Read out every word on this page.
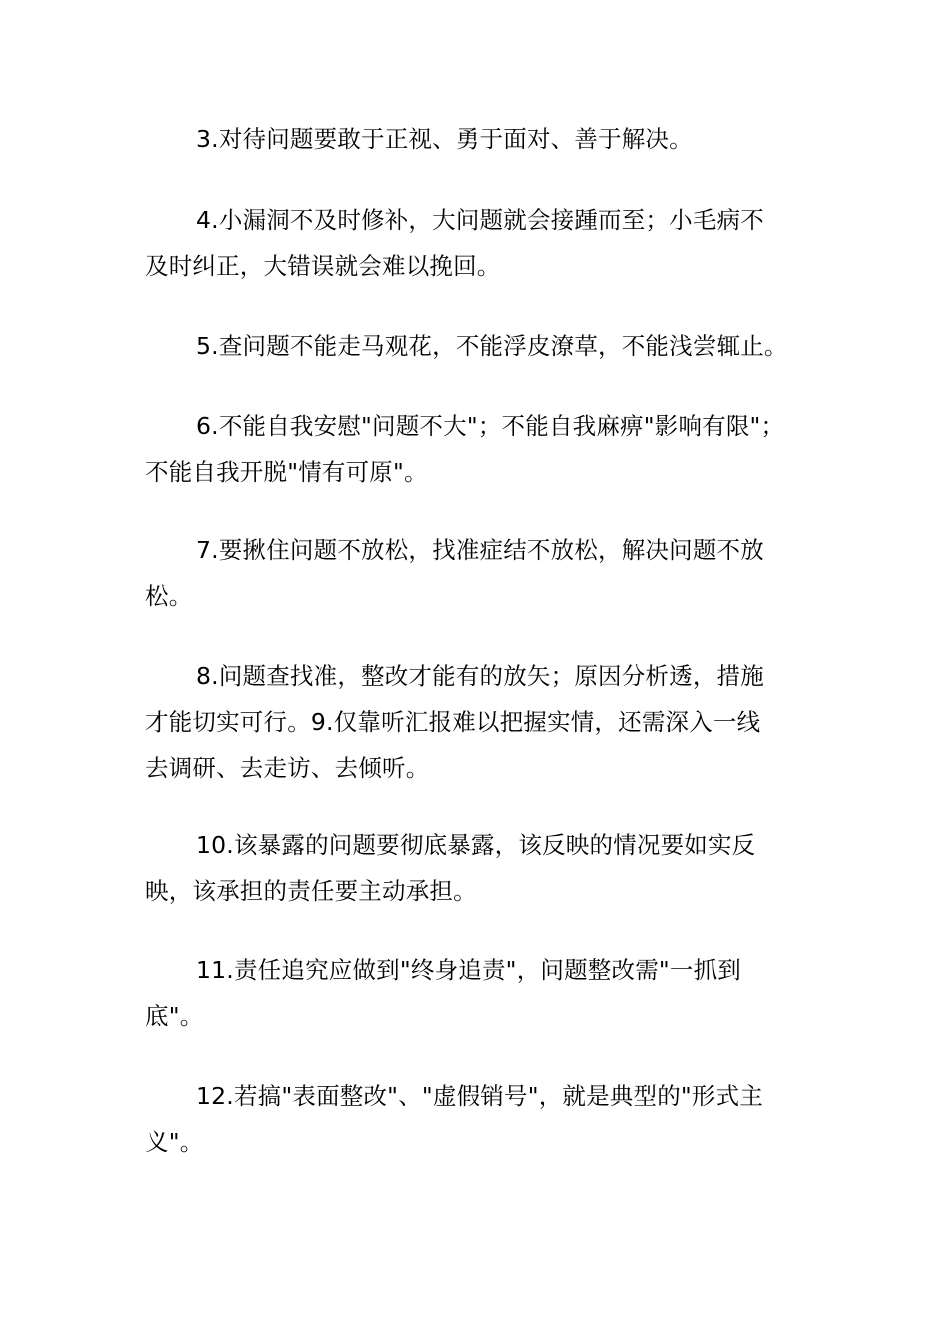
3.对待问题要敢于正视、勇于面对、善于解决。

4.小漏洞不及时修补，大问题就会接踵而至；小毛病不
及时纠正，大错误就会难以挽回。

5.查问题不能走马观花，不能浮皮潦草，不能浅尝辄止。

6.不能自我安慰"问题不大"；不能自我麻痹"影响有限"；
不能自我开脱"情有可原"。

7.要揪住问题不放松，找准症结不放松，解决问题不放
松。

8.问题查找准，整改才能有的放矢；原因分析透，措施
才能切实可行。9.仅靠听汇报难以把握实情，还需深入一线
去调研、去走访、去倾听。

10.该暴露的问题要彻底暴露，该反映的情况要如实反
映，该承担的责任要主动承担。

11.责任追究应做到"终身追责"，问题整改需"一抓到
底"。

12.若搞"表面整改"、"虚假销号"，就是典型的"形式主
义"。
